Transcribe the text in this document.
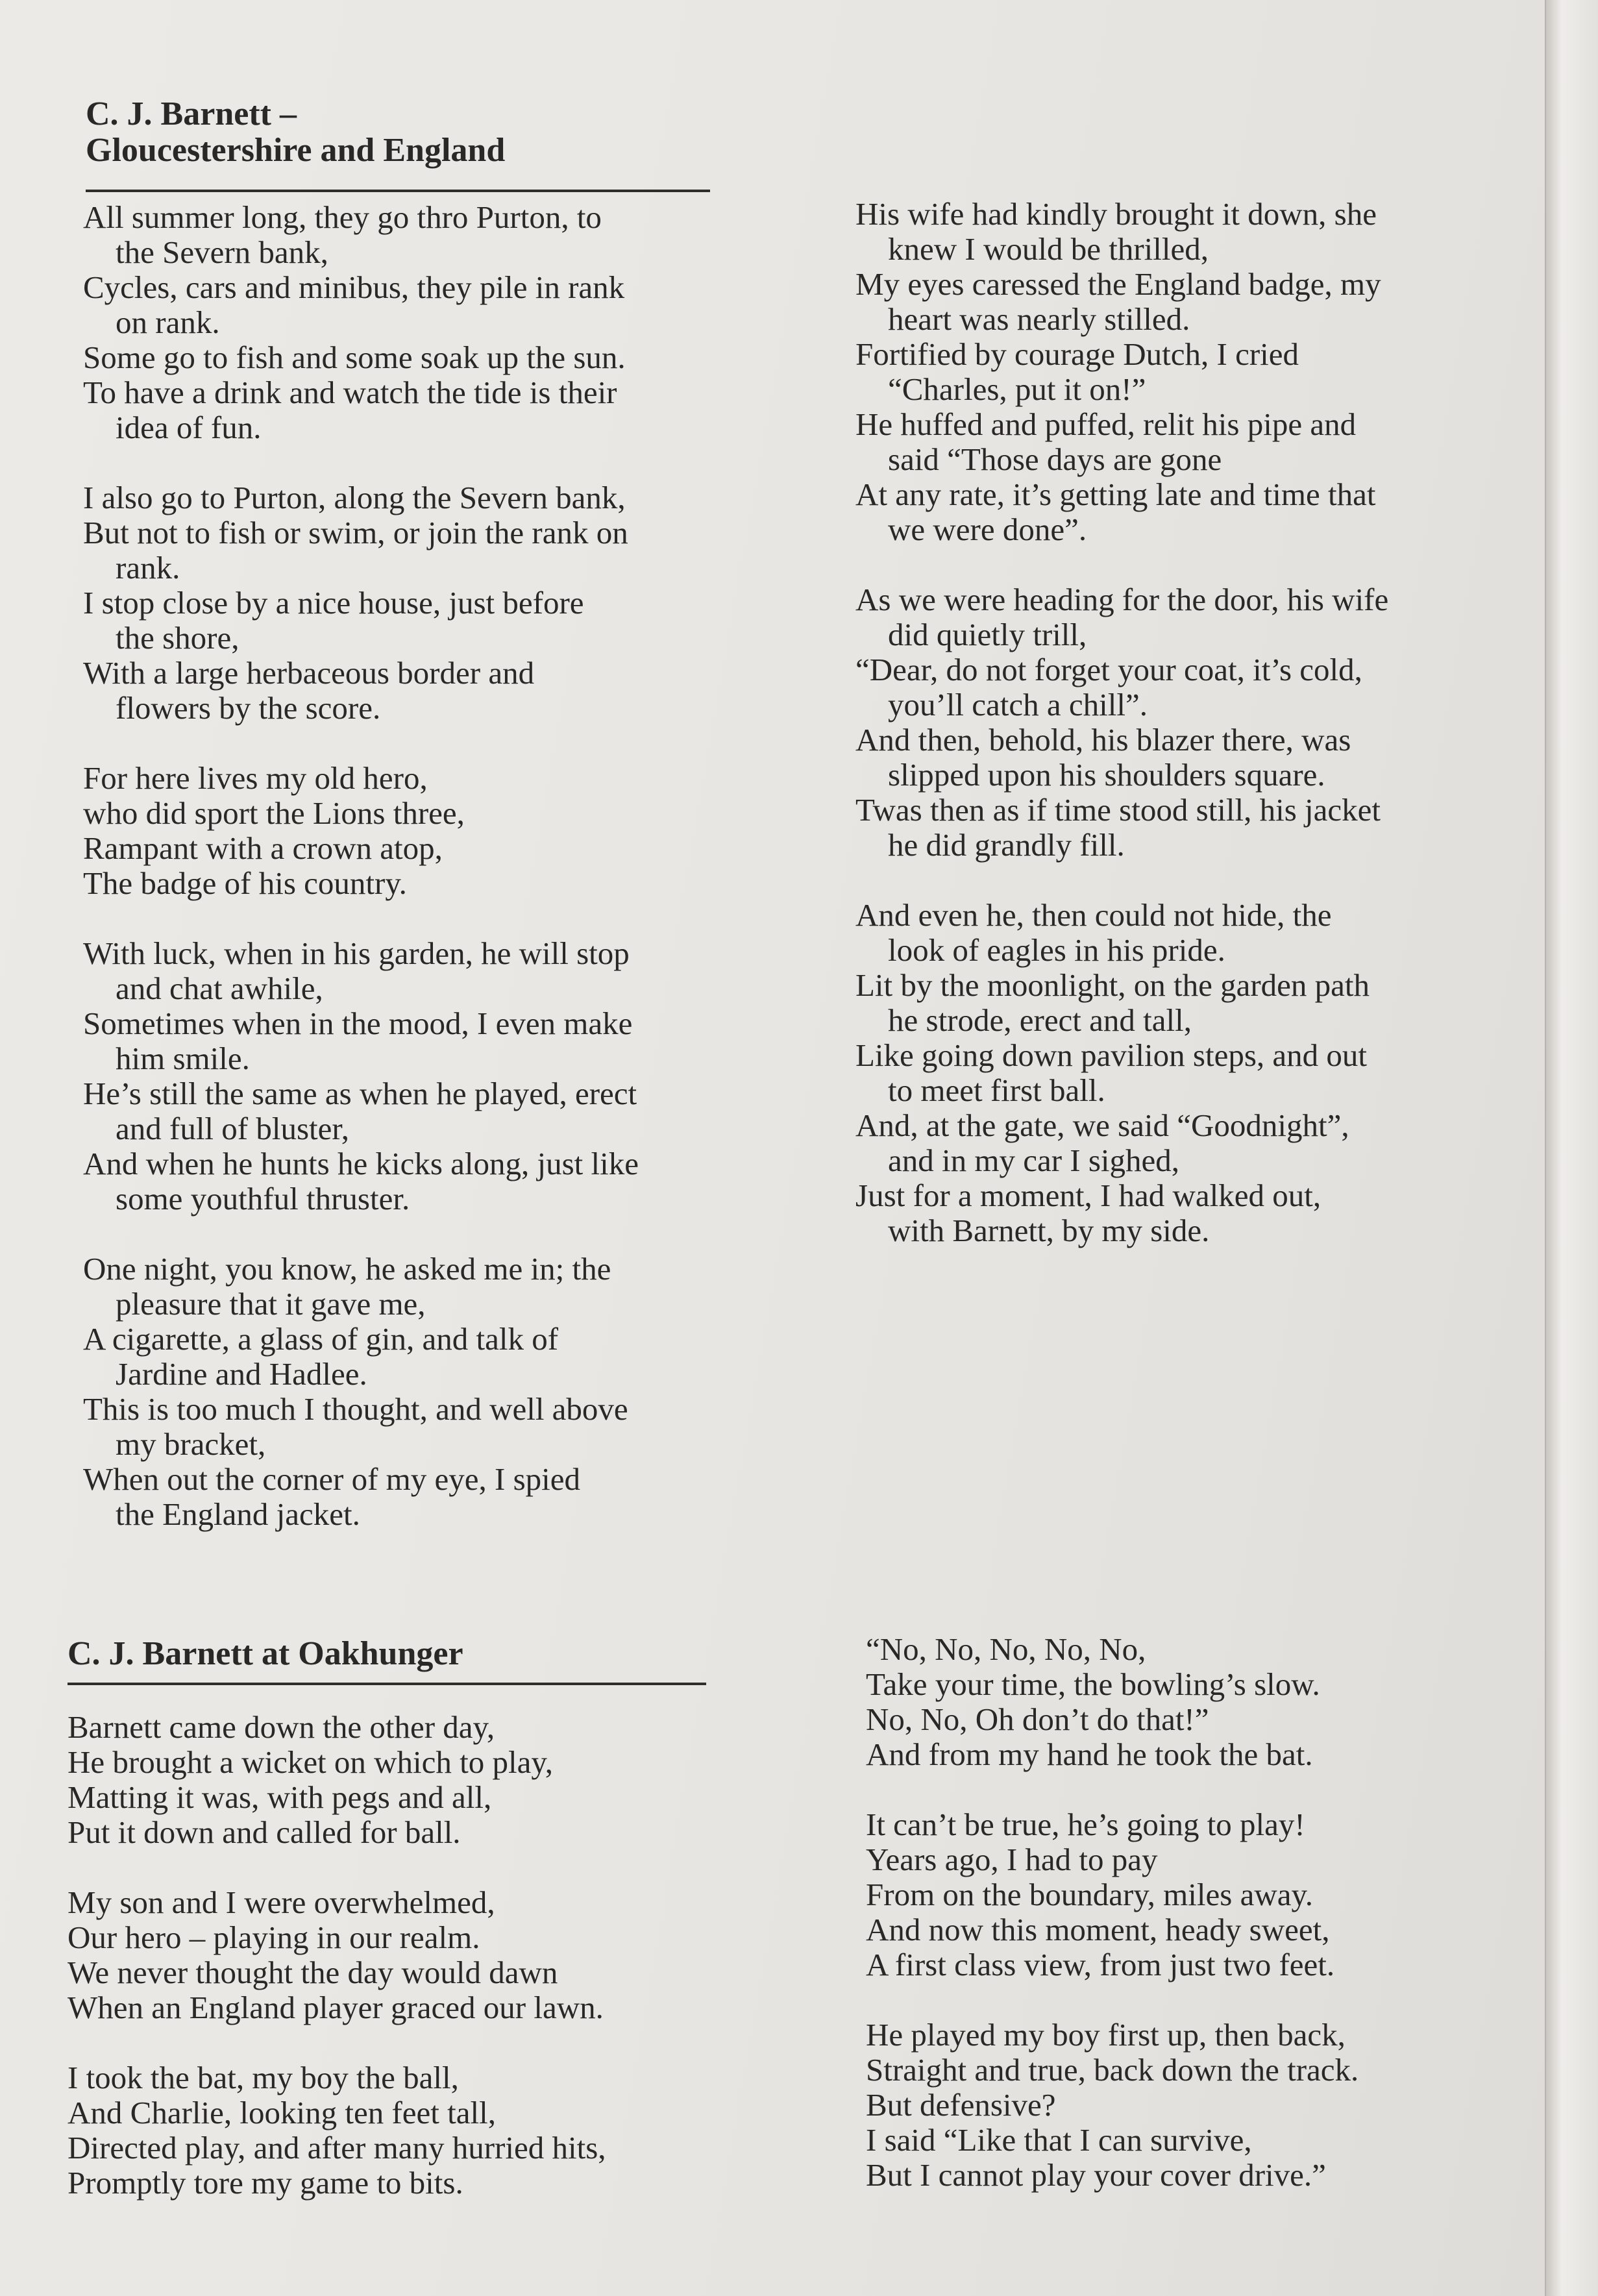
C. J. Barnett –
Gloucestershire and England
All summer long, they go thro Purton, to
the Severn bank,
Cycles, cars and minibus, they pile in rank
on rank.
Some go to fish and some soak up the sun.
To have a drink and watch the tide is their
idea of fun.
I also go to Purton, along the Severn bank,
But not to fish or swim, or join the rank on
rank.
I stop close by a nice house, just before
the shore,
With a large herbaceous border and
flowers by the score.
For here lives my old hero,
who did sport the Lions three,
Rampant with a crown atop,
The badge of his country.
With luck, when in his garden, he will stop
and chat awhile,
Sometimes when in the mood, I even make
him smile.
He’s still the same as when he played, erect
and full of bluster,
And when he hunts he kicks along, just like
some youthful thruster.
One night, you know, he asked me in; the
pleasure that it gave me,
A cigarette, a glass of gin, and talk of
Jardine and Hadlee.
This is too much I thought, and well above
my bracket,
When out the corner of my eye, I spied
the England jacket.
His wife had kindly brought it down, she
knew I would be thrilled,
My eyes caressed the England badge, my
heart was nearly stilled.
Fortified by courage Dutch, I cried
“Charles, put it on!”
He huffed and puffed, relit his pipe and
said “Those days are gone
At any rate, it’s getting late and time that
we were done”.
As we were heading for the door, his wife
did quietly trill,
“Dear, do not forget your coat, it’s cold,
you’ll catch a chill”.
And then, behold, his blazer there, was
slipped upon his shoulders square.
Twas then as if time stood still, his jacket
he did grandly fill.
And even he, then could not hide, the
look of eagles in his pride.
Lit by the moonlight, on the garden path
he strode, erect and tall,
Like going down pavilion steps, and out
to meet first ball.
And, at the gate, we said “Goodnight”,
and in my car I sighed,
Just for a moment, I had walked out,
with Barnett, by my side.
C. J. Barnett at Oakhunger
Barnett came down the other day,
He brought a wicket on which to play,
Matting it was, with pegs and all,
Put it down and called for ball.
My son and I were overwhelmed,
Our hero – playing in our realm.
We never thought the day would dawn
When an England player graced our lawn.
I took the bat, my boy the ball,
And Charlie, looking ten feet tall,
Directed play, and after many hurried hits,
Promptly tore my game to bits.
“No, No, No, No, No,
Take your time, the bowling’s slow.
No, No, Oh don’t do that!”
And from my hand he took the bat.
It can’t be true, he’s going to play!
Years ago, I had to pay
From on the boundary, miles away.
And now this moment, heady sweet,
A first class view, from just two feet.
He played my boy first up, then back,
Straight and true, back down the track.
But defensive?
I said “Like that I can survive,
But I cannot play your cover drive.”
